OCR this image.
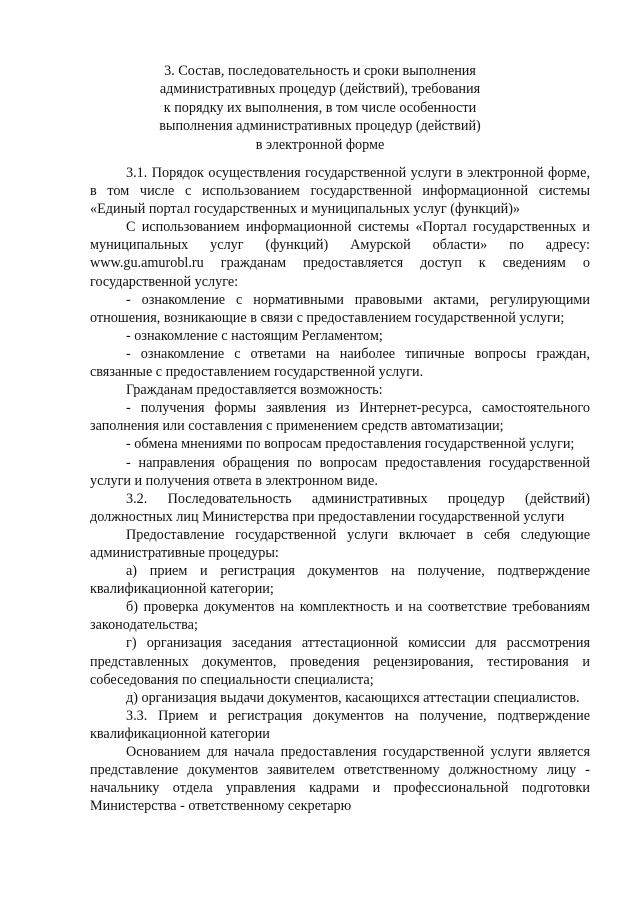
3. Состав, последовательность и сроки выполнения
административных процедур (действий), требования
к порядку их выполнения, в том числе особенности
выполнения административных процедур (действий)
в электронной форме

3.1. Порядок осуществления государственной услуги в электронной форме, в том числе с использованием государственной информационной системы «Единый портал государственных и муниципальных услуг (функций)»

С использованием информационной системы «Портал государственных и муниципальных услуг (функций) Амурской области» по адресу: www.gu.amurobl.ru гражданам предоставляется доступ к сведениям о государственной услуге:

- ознакомление с нормативными правовыми актами, регулирующими отношения, возникающие в связи с предоставлением государственной услуги;

- ознакомление с настоящим Регламентом;

- ознакомление с ответами на наиболее типичные вопросы граждан, связанные с предоставлением государственной услуги.

Гражданам предоставляется возможность:

- получения формы заявления из Интернет-ресурса, самостоятельного заполнения или составления с применением средств автоматизации;

- обмена мнениями по вопросам предоставления государственной услуги;

- направления обращения по вопросам предоставления государственной услуги и получения ответа в электронном виде.

3.2. Последовательность административных процедур (действий) должностных лиц Министерства при предоставлении государственной услуги

Предоставление государственной услуги включает в себя следующие административные процедуры:

а) прием и регистрация документов на получение, подтверждение квалификационной категории;

б) проверка документов на комплектность и на соответствие требованиям законодательства;

г) организация заседания аттестационной комиссии для рассмотрения представленных документов, проведения рецензирования, тестирования и собеседования по специальности специалиста;

д) организация выдачи документов, касающихся аттестации специалистов.

3.3. Прием и регистрация документов на получение, подтверждение квалификационной категории

Основанием для начала предоставления государственной услуги является представление документов заявителем ответственному должностному лицу - начальнику отдела управления кадрами и профессиональной подготовки Министерства - ответственному секретарю
